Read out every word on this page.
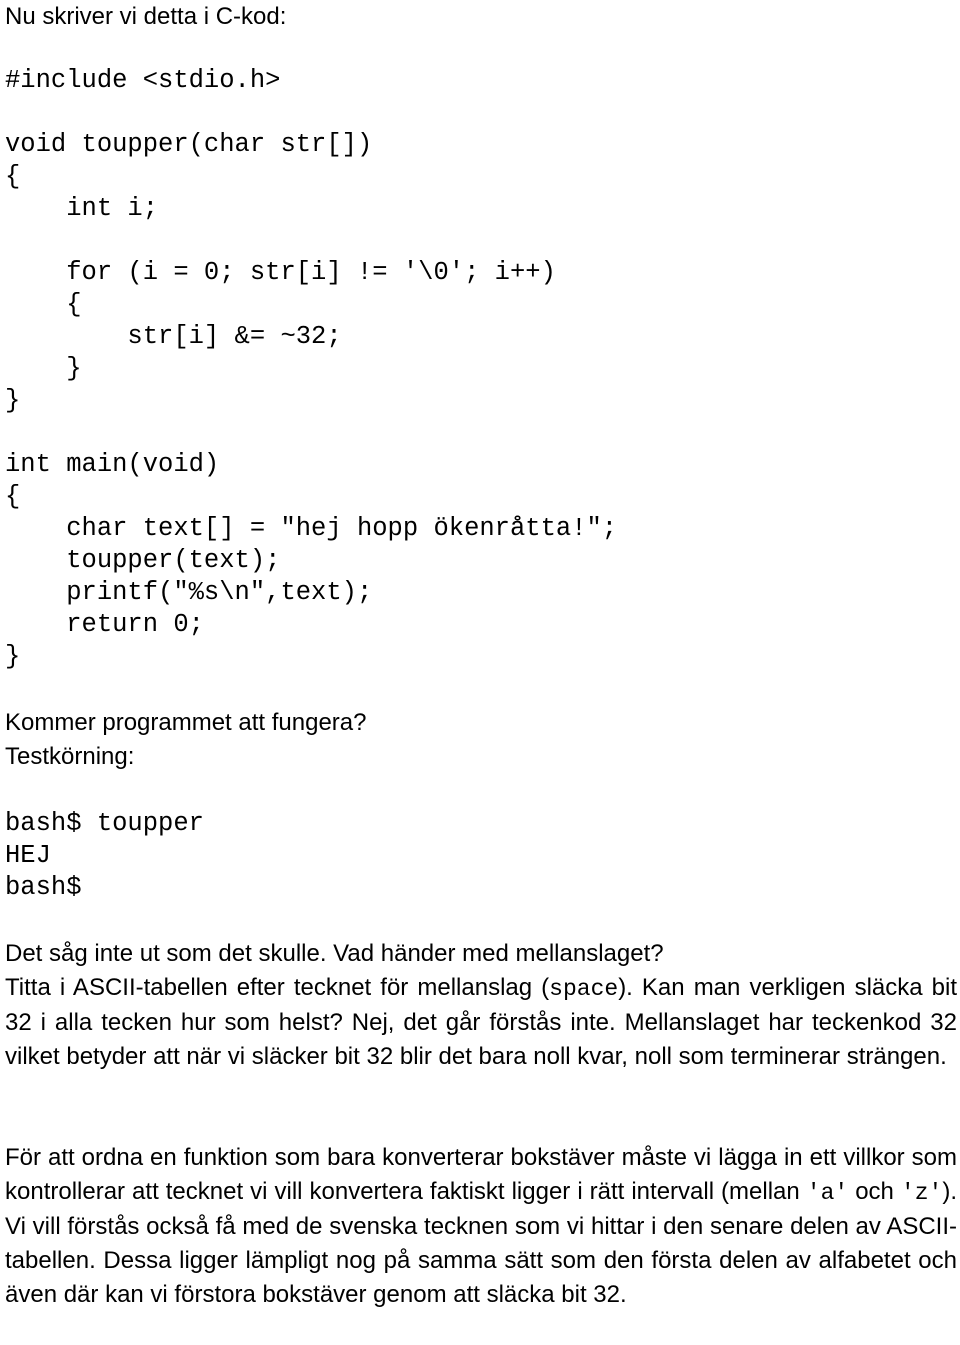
Nu skriver vi detta i C-kod:

#include <stdio.h>
void toupper(char str[])
{
int i;
for (i = 0; str[i] != '\0'; i++)
{
str[i] &= ~32;
}
}
int main(void)
{
char text[] = "hej hopp ökenråtta!";
toupper(text);
printf("%s\n",text);
return 0;
}

Kommer programmet att fungera?

Testkörning:

bash$ toupper
HEJ
bash$

Det såg inte ut som det skulle. Vad händer med mellanslaget?
Titta i ASCII-tabellen efter tecknet för mellanslag (space). Kan man verkligen släcka bit 32 i alla tecken hur som helst? Nej, det går förstås inte. Mellanslaget har teckenkod 32 vilket betyder att när vi släcker bit 32 blir det bara noll kvar, noll som terminerar strängen.

För att ordna en funktion som bara konverterar bokstäver måste vi lägga in ett villkor som kontrollerar att tecknet vi vill konvertera faktiskt ligger i rätt intervall (mellan 'a' och 'z'). Vi vill förstås också få med de svenska tecknen som vi hittar i den senare delen av ASCII-tabellen. Dessa ligger lämpligt nog på samma sätt som den första delen av alfabetet och även där kan vi förstora bokstäver genom att släcka bit 32.
